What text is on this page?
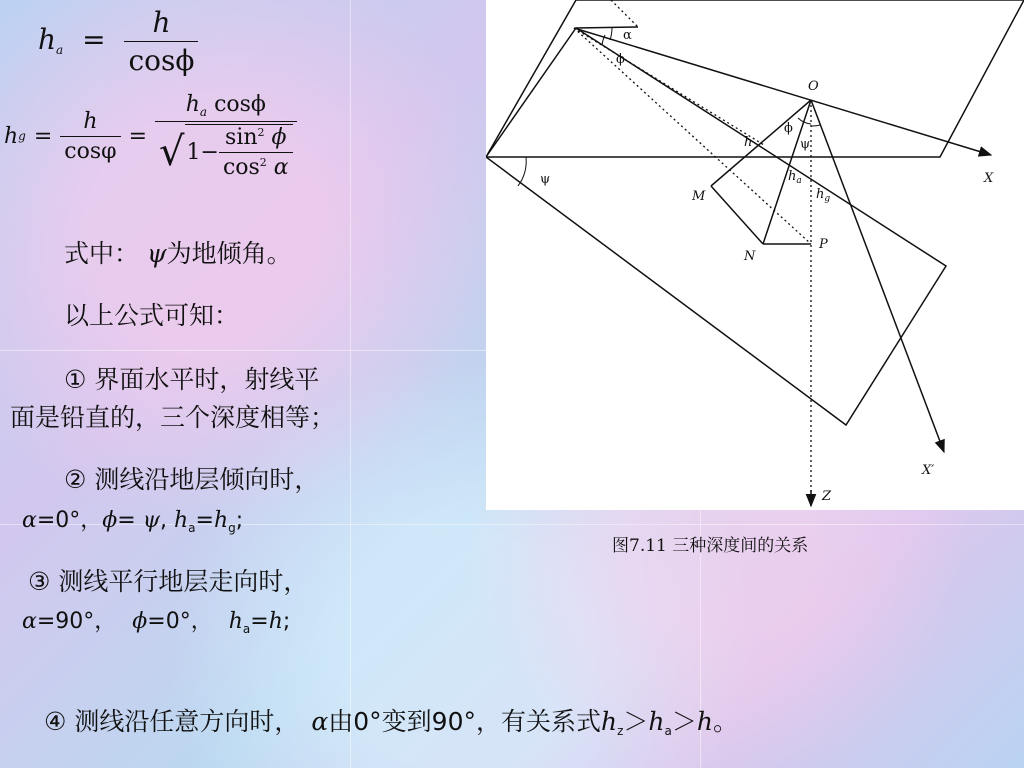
$h_a = \frac{h}{\cos\phi}$
h $g = \frac{h}{\cos\varphi}$ =
$h_a$ cosϕ
√ $1- \frac{\sin^2 \phi}{\cos^2 \alpha}$
式中： ψ为地倾角。
以上公式可知：
① 界面水平时，射线平
面是铅直的，三个深度相等；
② 测线沿地层倾向时，
α=0°，ϕ= ψ, $h_a=h_g$;
③ 测线平行地层走向时，
α=90°， ϕ=0°， $h_a=h$;
④ 测线沿任意方向时， α由0°变到90°，有关系式$h_z>h_a>h$。
O
X
X′
Z
M
N
P
h
$h_a$
$h_g$
α
ϕ
ϕ
ψ
ψ
图7.11 三种深度间的关系
